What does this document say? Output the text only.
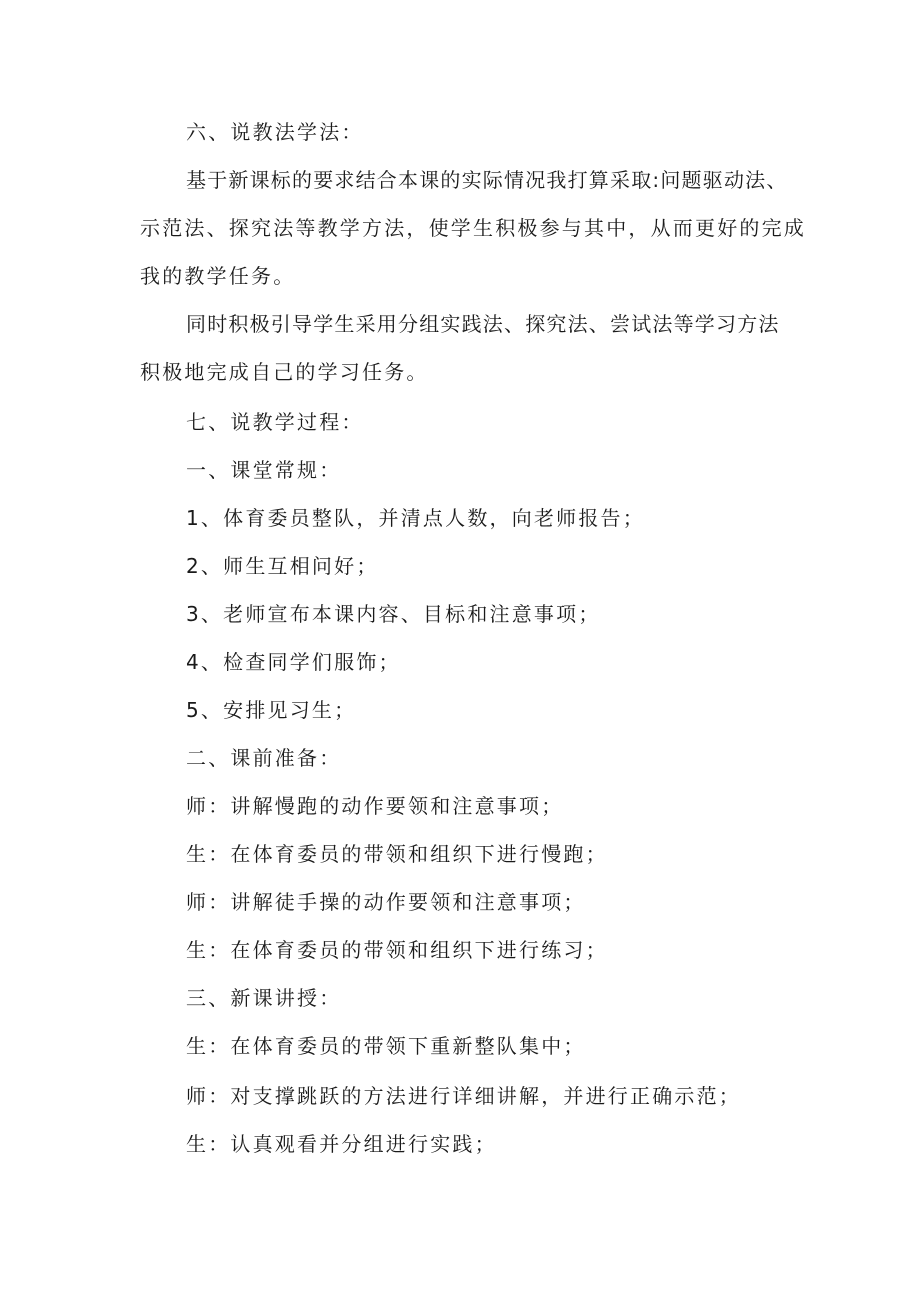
六、说教法学法：
基于新课标的要求结合本课的实际情况我打算采取:问题驱动法、
示范法、探究法等教学方法，使学生积极参与其中，从而更好的完成
我的教学任务。
同时积极引导学生采用分组实践法、探究法、尝试法等学习方法
积极地完成自己的学习任务。
七、说教学过程：
一、课堂常规：
1、体育委员整队，并清点人数，向老师报告；
2、师生互相问好；
3、老师宣布本课内容、目标和注意事项；
4、检查同学们服饰；
5、安排见习生；
二、课前准备：
师：讲解慢跑的动作要领和注意事项；
生：在体育委员的带领和组织下进行慢跑；
师：讲解徒手操的动作要领和注意事项；
生：在体育委员的带领和组织下进行练习；
三、新课讲授：
生：在体育委员的带领下重新整队集中；
师：对支撑跳跃的方法进行详细讲解，并进行正确示范；
生：认真观看并分组进行实践；
